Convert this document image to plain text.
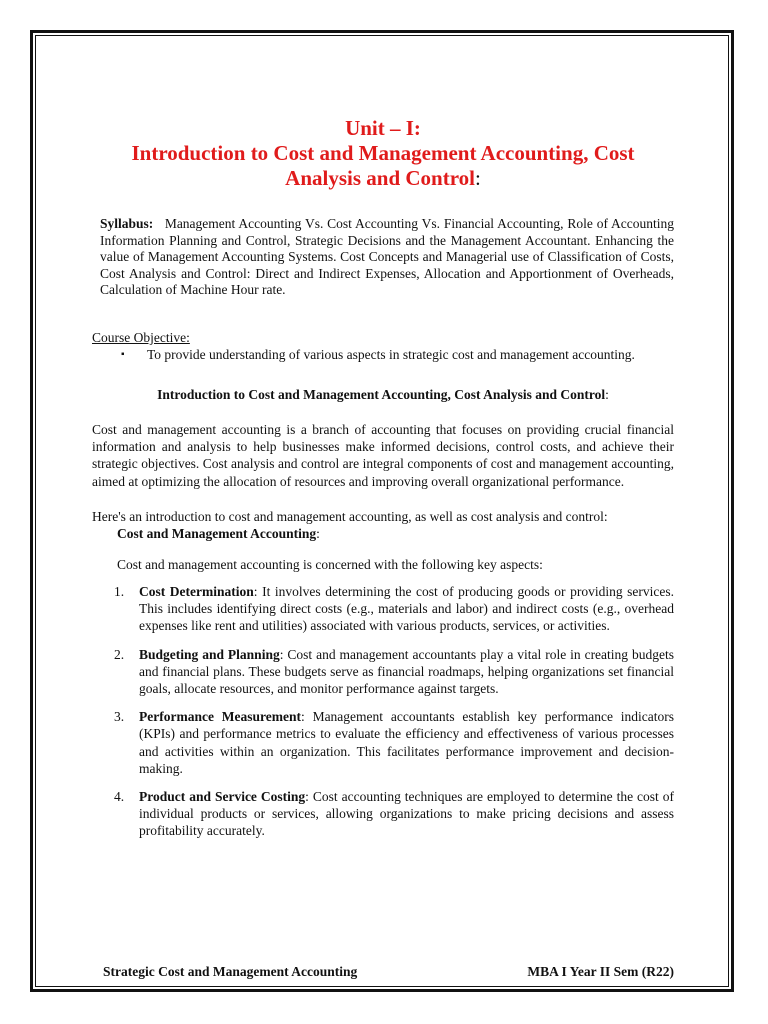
Unit – I:
Introduction to Cost and Management Accounting, Cost
Analysis and Control:
Syllabus: Management Accounting Vs. Cost Accounting Vs. Financial Accounting, Role of Accounting Information Planning and Control, Strategic Decisions and the Management Accountant. Enhancing the value of Management Accounting Systems. Cost Concepts and Managerial use of Classification of Costs, Cost Analysis and Control: Direct and Indirect Expenses, Allocation and Apportionment of Overheads, Calculation of Machine Hour rate.
Course Objective:
▪ To provide understanding of various aspects in strategic cost and management accounting.
Introduction to Cost and Management Accounting, Cost Analysis and Control:
Cost and management accounting is a branch of accounting that focuses on providing crucial financial information and analysis to help businesses make informed decisions, control costs, and achieve their strategic objectives. Cost analysis and control are integral components of cost and management accounting, aimed at optimizing the allocation of resources and improving overall organizational performance.
Here's an introduction to cost and management accounting, as well as cost analysis and control:
Cost and Management Accounting:
Cost and management accounting is concerned with the following key aspects:
1. Cost Determination: It involves determining the cost of producing goods or providing services. This includes identifying direct costs (e.g., materials and labor) and indirect costs (e.g., overhead expenses like rent and utilities) associated with various products, services, or activities.
2. Budgeting and Planning: Cost and management accountants play a vital role in creating budgets and financial plans. These budgets serve as financial roadmaps, helping organizations set financial goals, allocate resources, and monitor performance against targets.
3. Performance Measurement: Management accountants establish key performance indicators (KPIs) and performance metrics to evaluate the efficiency and effectiveness of various processes and activities within an organization. This facilitates performance improvement and decision-making.
4. Product and Service Costing: Cost accounting techniques are employed to determine the cost of individual products or services, allowing organizations to make pricing decisions and assess profitability accurately.
Strategic Cost and Management Accounting	MBA I Year II Sem (R22)
